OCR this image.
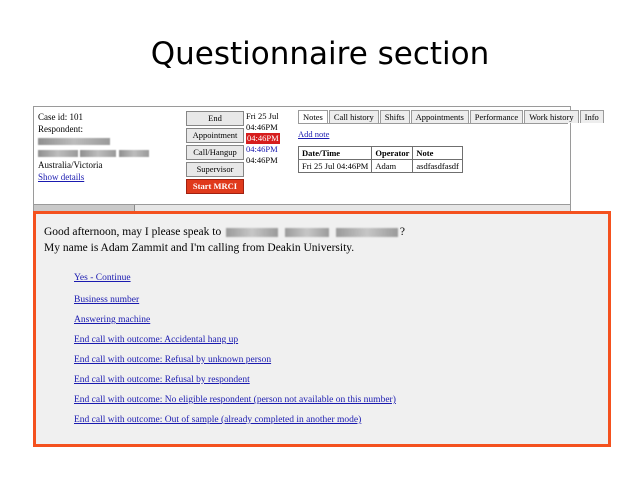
Questionnaire section
Case id: 101
Respondent:

Australia/Victoria
Show details
End
Appointment
Call/Hangup
Supervisor
Start MRCI
Fri 25 Jul
04:46PM
04:46PM
04:46PM
04:46PM
Notes	Call history	Shifts	Appointments	Performance	Work history	Info
Add note
Date/Time	Operator	Note
Fri 25 Jul 04:46PM	Adam	asdfasdfasdf
Good afternoon, may I please speak to	?
My name is Adam Zammit and I'm calling from Deakin University.
Yes - Continue
Business number
Answering machine
End call with outcome: Accidental hang up
End call with outcome: Refusal by unknown person
End call with outcome: Refusal by respondent
End call with outcome: No eligible respondent (person not available on this number)
End call with outcome: Out of sample (already completed in another mode)
